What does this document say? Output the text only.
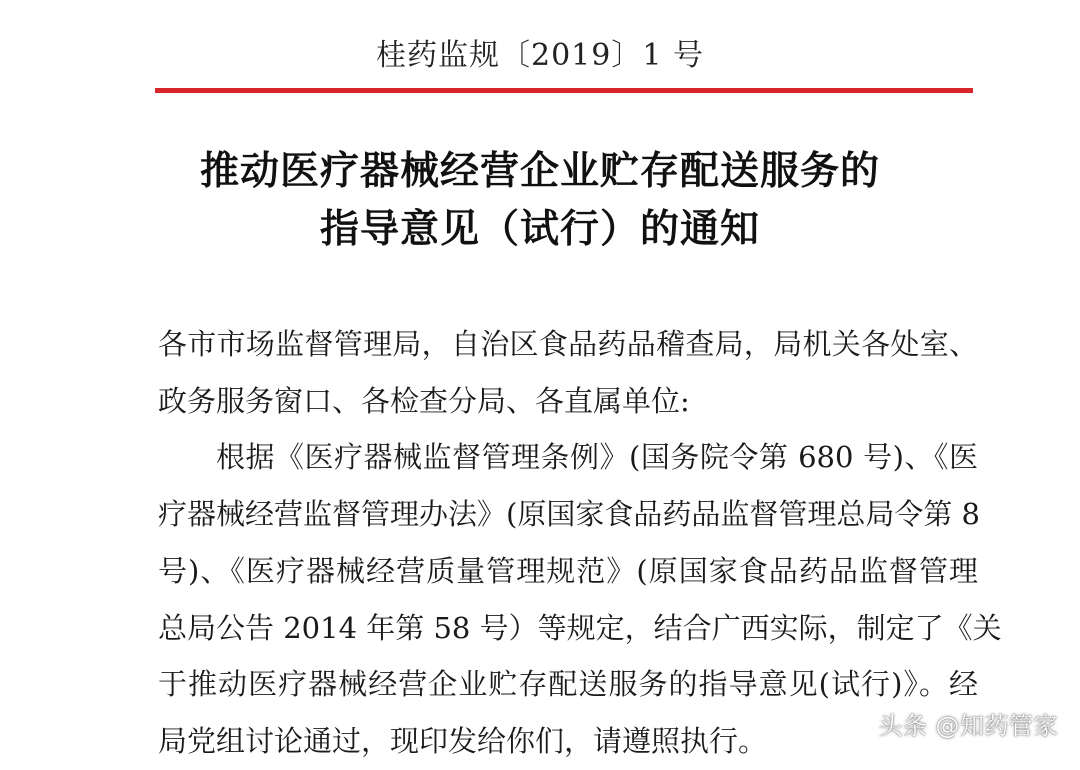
桂药监规〔2019〕1 号
推动医疗器械经营企业贮存配送服务的
指导意见（试行）的通知
各市市场监督管理局，自治区食品药品稽查局，局机关各处室、
政务服务窗口、各检查分局、各直属单位:
根据《医疗器械监督管理条例》(国务院令第 680 号)、《医
疗器械经营监督管理办法》(原国家食品药品监督管理总局令第 8
号)、《医疗器械经营质量管理规范》(原国家食品药品监督管理
总局公告 2014 年第 58 号）等规定，结合广西实际，制定了《关
于推动医疗器械经营企业贮存配送服务的指导意见(试行)》。经
局党组讨论通过，现印发给你们，请遵照执行。	头条 @知药管家
